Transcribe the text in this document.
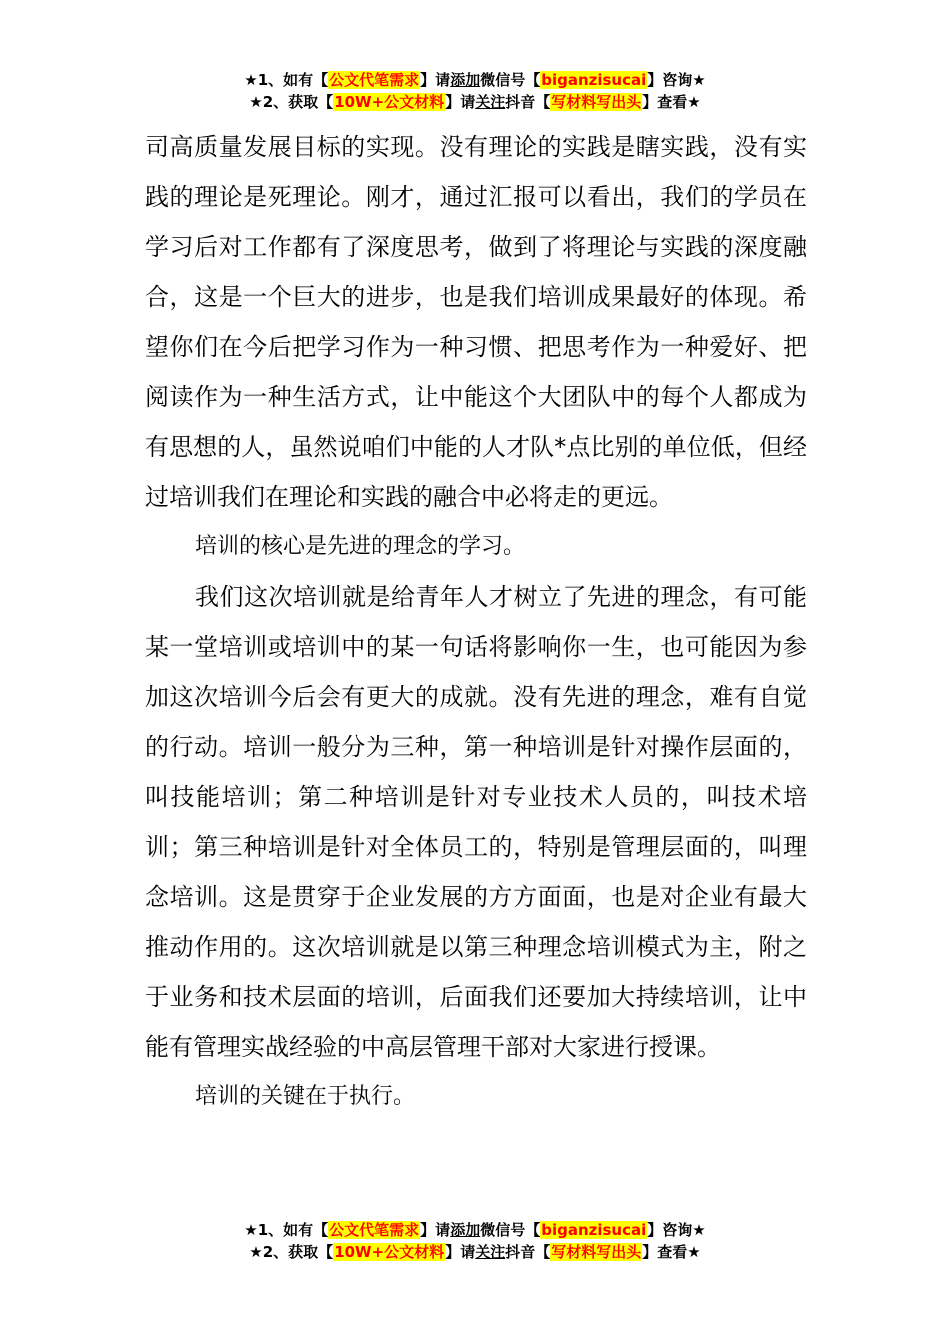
★1、如有【公文代笔需求】请添加微信号【biganzisucai】咨询★
★2、获取【10W+公文材料】请关注抖音【写材料写出头】查看★

司高质量发展目标的实现。没有理论的实践是瞎实践，没有实践的理论是死理论。刚才，通过汇报可以看出，我们的学员在学习后对工作都有了深度思考，做到了将理论与实践的深度融合，这是一个巨大的进步，也是我们培训成果最好的体现。希望你们在今后把学习作为一种习惯、把思考作为一种爱好、把阅读作为一种生活方式，让中能这个大团队中的每个人都成为有思想的人，虽然说咱们中能的人才队*点比别的单位低，但经过培训我们在理论和实践的融合中必将走的更远。

培训的核心是先进的理念的学习。

我们这次培训就是给青年人才树立了先进的理念，有可能某一堂培训或培训中的某一句话将影响你一生，也可能因为参加这次培训今后会有更大的成就。没有先进的理念，难有自觉的行动。培训一般分为三种，第一种培训是针对操作层面的，叫技能培训；第二种培训是针对专业技术人员的，叫技术培训；第三种培训是针对全体员工的，特别是管理层面的，叫理念培训。这是贯穿于企业发展的方方面面，也是对企业有最大推动作用的。这次培训就是以第三种理念培训模式为主，附之于业务和技术层面的培训，后面我们还要加大持续培训，让中能有管理实战经验的中高层管理干部对大家进行授课。

培训的关键在于执行。

★1、如有【公文代笔需求】请添加微信号【biganzisucai】咨询★
★2、获取【10W+公文材料】请关注抖音【写材料写出头】查看★
